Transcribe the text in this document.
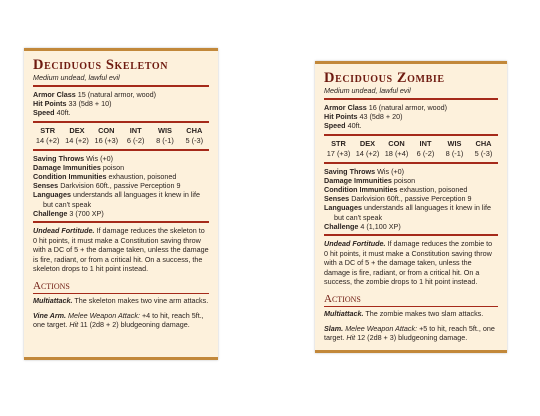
Deciduous Skeleton
Medium undead, lawful evil
Armor Class 15 (natural armor, wood)
Hit Points 33 (5d8 + 10)
Speed 40ft.
STR
14 (+2)
DEX
14 (+2)
CON
16 (+3)
INT
6 (-2)
WIS
8 (-1)
CHA
5 (-3)
Saving Throws Wis (+0)
Damage Immunities poison
Condition Immunities exhaustion, poisoned
Senses Darkvision 60ft., passive Perception 9
Languages understands all languages it knew in life
but can't speak
Challenge 3 (700 XP)
Undead Fortitude. If damage reduces the skeleton to 0 hit points, it must make a Constitution saving throw with a DC of 5 + the damage taken, unless the damage is fire, radiant, or from a critical hit. On a success, the skeleton drops to 1 hit point instead.
Actions
Multiattack. The skeleton makes two vine arm attacks.
Vine Arm. Melee Weapon Attack: +4 to hit, reach 5ft., one target. Hit 11 (2d8 + 2) bludgeoning damage.
Deciduous Zombie
Medium undead, lawful evil
Armor Class 16 (natural armor, wood)
Hit Points 43 (5d8 + 20)
Speed 40ft.
STR
17 (+3)
DEX
14 (+2)
CON
18 (+4)
INT
6 (-2)
WIS
8 (-1)
CHA
5 (-3)
Saving Throws Wis (+0)
Damage Immunities poison
Condition Immunities exhaustion, poisoned
Senses Darkvision 60ft., passive Perception 9
Languages understands all languages it knew in life
but can't speak
Challenge 4 (1,100 XP)
Undead Fortitude. If damage reduces the zombie to 0 hit points, it must make a Constitution saving throw with a DC of 5 + the damage taken, unless the damage is fire, radiant, or from a critical hit. On a success, the zombie drops to 1 hit point instead.
Actions
Multiattack. The zombie makes two slam attacks.
Slam. Melee Weapon Attack: +5 to hit, reach 5ft., one target. Hit 12 (2d8 + 3) bludgeoning damage.
